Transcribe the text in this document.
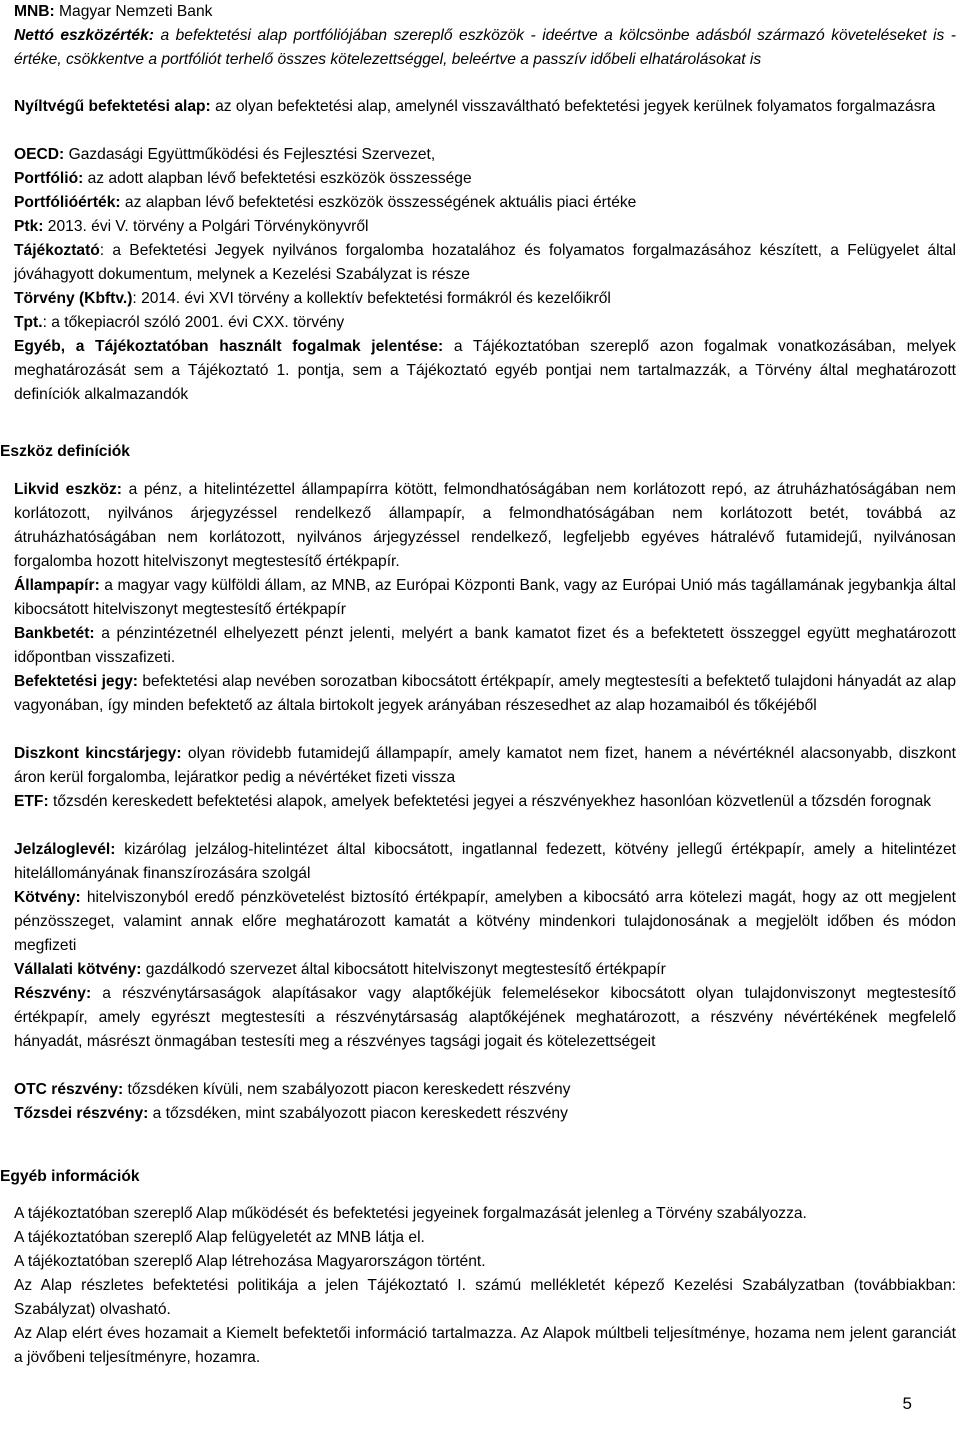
MNB: Magyar Nemzeti Bank

Nettó eszközérték: a befektetési alap portfóliójában szereplő eszközök - ideértve a kölcsönbe adásból származó követeléseket is - értéke, csökkentve a portfóliót terhelő összes kötelezettséggel, beleértve a passzív időbeli elhatárolásokat is

Nyíltvégű befektetési alap: az olyan befektetési alap, amelynél visszaváltható befektetési jegyek kerülnek folyamatos forgalmazásra

OECD: Gazdasági Együttműködési és Fejlesztési Szervezet,

Portfólió: az adott alapban lévő befektetési eszközök összessége

Portfólióérték: az alapban lévő befektetési eszközök összességének aktuális piaci értéke

Ptk: 2013. évi V. törvény a Polgári Törvénykönyvről

Tájékoztató: a Befektetési Jegyek nyilvános forgalomba hozatalához és folyamatos forgalmazásához készített, a Felügyelet által jóváhagyott dokumentum, melynek a Kezelési Szabályzat is része

Törvény (Kbftv.): 2014. évi XVI törvény a kollektív befektetési formákról és kezelőikről

Tpt.: a tőkepiacról szóló 2001. évi CXX. törvény

Egyéb, a Tájékoztatóban használt fogalmak jelentése: a Tájékoztatóban szereplő azon fogalmak vonatkozásában, melyek meghatározását sem a Tájékoztató 1. pontja, sem a Tájékoztató egyéb pontjai nem tartalmazzák, a Törvény által meghatározott definíciók alkalmazandók

Eszköz definíciók

Likvid eszköz: a pénz, a hitelintézettel állampapírra kötött, felmondhatóságában nem korlátozott repó, az átruházhatóságában nem korlátozott, nyilvános árjegyzéssel rendelkező állampapír, a felmondhatóságában nem korlátozott betét, továbbá az átruházhatóságában nem korlátozott, nyilvános árjegyzéssel rendelkező, legfeljebb egyéves hátralévő futamidejű, nyilvánosan forgalomba hozott hitelviszonyt megtestesítő értékpapír.

Állampapír: a magyar vagy külföldi állam, az MNB, az Európai Központi Bank, vagy az Európai Unió más tagállamának jegybankja által kibocsátott hitelviszonyt megtestesítő értékpapír

Bankbetét: a pénzintézetnél elhelyezett pénzt jelenti, melyért a bank kamatot fizet és a befektetett összeggel együtt meghatározott időpontban visszafizeti.

Befektetési jegy: befektetési alap nevében sorozatban kibocsátott értékpapír, amely megtestesíti a befektető tulajdoni hányadát az alap vagyonában, így minden befektető az általa birtokolt jegyek arányában részesedhet az alap hozamaiból és tőkéjéből

Diszkont kincstárjegy: olyan rövidebb futamidejű állampapír, amely kamatot nem fizet, hanem a névértéknél alacsonyabb, diszkont áron kerül forgalomba, lejáratkor pedig a névértéket fizeti vissza

ETF: tőzsdén kereskedett befektetési alapok, amelyek befektetési jegyei a részvényekhez hasonlóan közvetlenül a tőzsdén forognak

Jelzáloglevél: kizárólag jelzálog-hitelintézet által kibocsátott, ingatlannal fedezett, kötvény jellegű értékpapír, amely a hitelintézet hitelállományának finanszírozására szolgál

Kötvény: hitelviszonyból eredő pénzkövetelést biztosító értékpapír, amelyben a kibocsátó arra kötelezi magát, hogy az ott megjelent pénzösszeget, valamint annak előre meghatározott kamatát a kötvény mindenkori tulajdonosának a megjelölt időben és módon megfizeti

Vállalati kötvény: gazdálkodó szervezet által kibocsátott hitelviszonyt megtestesítő értékpapír

Részvény: a részvénytársaságok alapításakor vagy alaptőkéjük felemelésekor kibocsátott olyan tulajdonviszonyt megtestesítő értékpapír, amely egyrészt megtestesíti a részvénytársaság alaptőkéjének meghatározott, a részvény névértékének megfelelő hányadát, másrészt önmagában testesíti meg a részvényes tagsági jogait és kötelezettségeit

OTC részvény: tőzsdéken kívüli, nem szabályozott piacon kereskedett részvény

Tőzsdei részvény: a tőzsdéken, mint szabályozott piacon kereskedett részvény

Egyéb információk

A tájékoztatóban szereplő Alap működését és befektetési jegyeinek forgalmazását jelenleg a Törvény szabályozza.

A tájékoztatóban szereplő Alap felügyeletét az MNB látja el.

A tájékoztatóban szereplő Alap létrehozása Magyarországon történt.

Az Alap részletes befektetési politikája a jelen Tájékoztató I. számú mellékletét képező Kezelési Szabályzatban (továbbiakban: Szabályzat) olvasható.

Az Alap elért éves hozamait a Kiemelt befektetői információ tartalmazza. Az Alapok múltbeli teljesítménye, hozama nem jelent garanciát a jövőbeni teljesítményre, hozamra.

5
